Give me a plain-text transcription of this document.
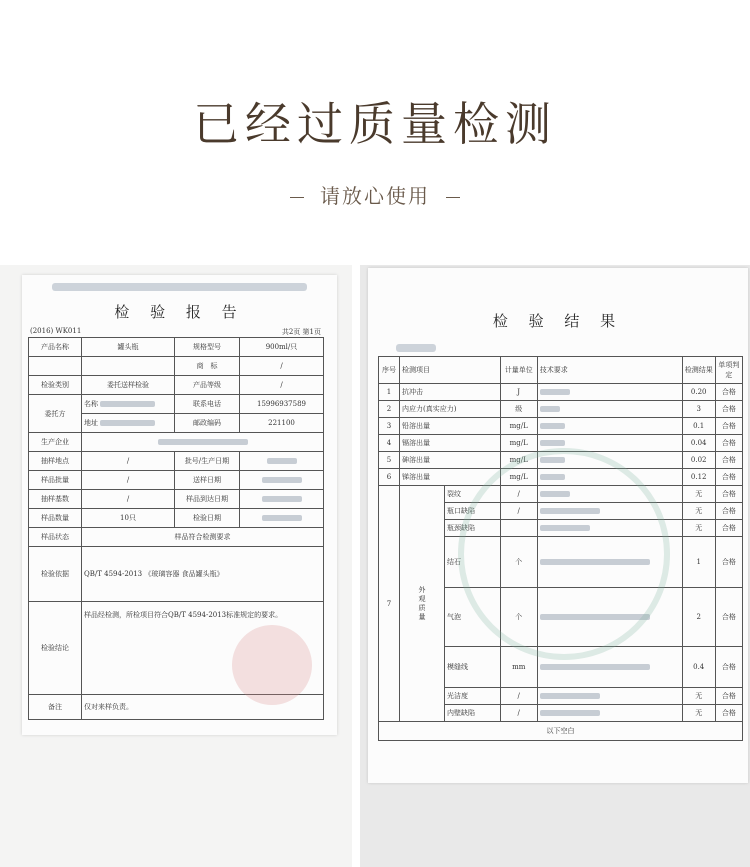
已经过质量检测
请放心使用
检 验 报 告
(2016) WK011	共2页 第1页
产品名称	罐头瓶	规格型号	900ml/只
		商　标	/
检验类别	委托送样检验	产品等级	/
委托方	名称	联系电话	15996937589
	地址	邮政编码	221100
生产企业			
抽样地点	/	批号/生产日期	
样品批量	/	送样日期	
抽样基数	/	样品到达日期	
样品数量	10只	检验日期	
样品状态	样品符合检测要求		
检验依据	QB/T 4594-2013 《玻璃容器 食品罐头瓶》		
检验结论	样品经检测，所检项目符合QB/T 4594-2013标准规定的要求。		
备注	仅对来样负责。		
检 验 结 果
序号	检测项目		计量单位	技术要求	检测结果	单项判定
1	抗冲击		J		0.20	合格
2	内应力(真实应力)		级		3	合格
3	铅溶出量		mg/L		0.1	合格
4	镉溶出量		mg/L		0.04	合格
5	砷溶出量		mg/L		0.02	合格
6	锑溶出量		mg/L		0.12	合格
7	外观质量	裂纹	/		无	合格
		瓶口缺陷	/		无	合格
		瓶颈缺陷			无	合格
		结石	个		1	合格
		气泡	个		2	合格
		模缝线	mm		0.4	合格
		光洁度	/		无	合格
		内壁缺陷	/		无	合格
以下空白						
